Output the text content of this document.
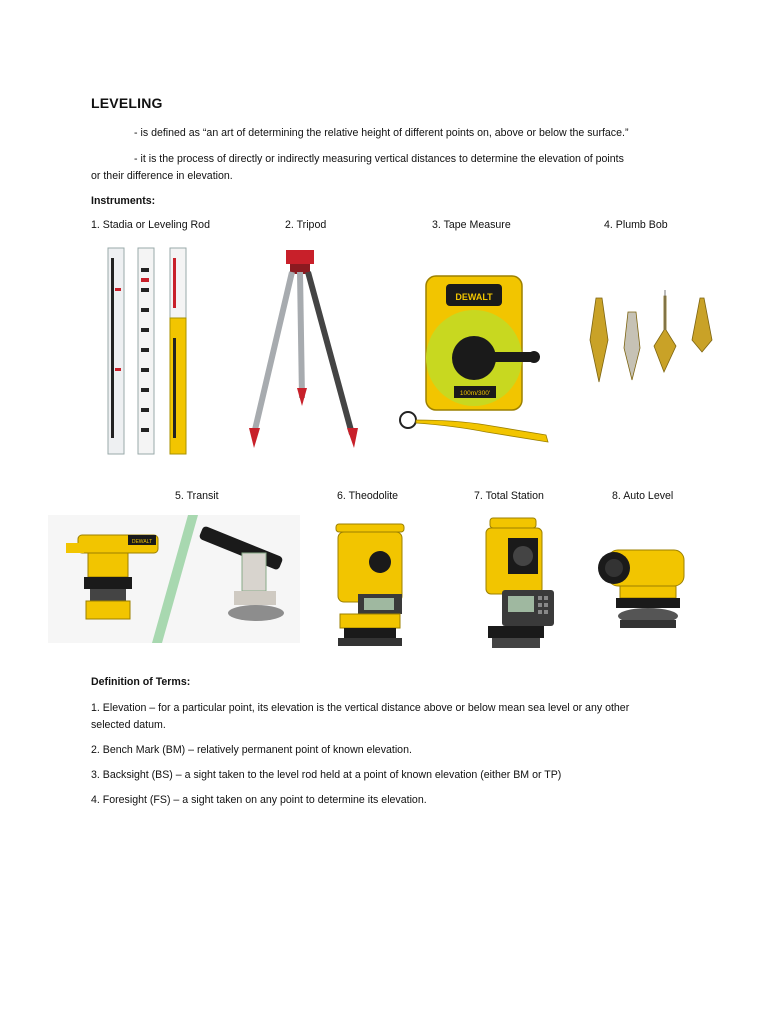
LEVELING
- is defined as “an art of determining the relative height of different points on, above or below the surface.”
- it is the process of directly or indirectly measuring vertical distances to determine the elevation of points
or their difference in elevation.
Instruments:
1. Stadia or Leveling Rod	2. Tripod	3. Tape Measure	4. Plumb Bob
DEWALT
100m/300'
5. Transit	6. Theodolite	7. Total Station	8. Auto Level
DEWALT
Definition of Terms:
1. Elevation – for a particular point, its elevation is the vertical distance above or below mean sea level or any other
selected datum.
2. Bench Mark (BM) – relatively permanent point of known elevation.
3. Backsight (BS) – a sight taken to the level rod held at a point of known elevation (either BM or TP)
4. Foresight (FS) – a sight taken on any point to determine its elevation.
